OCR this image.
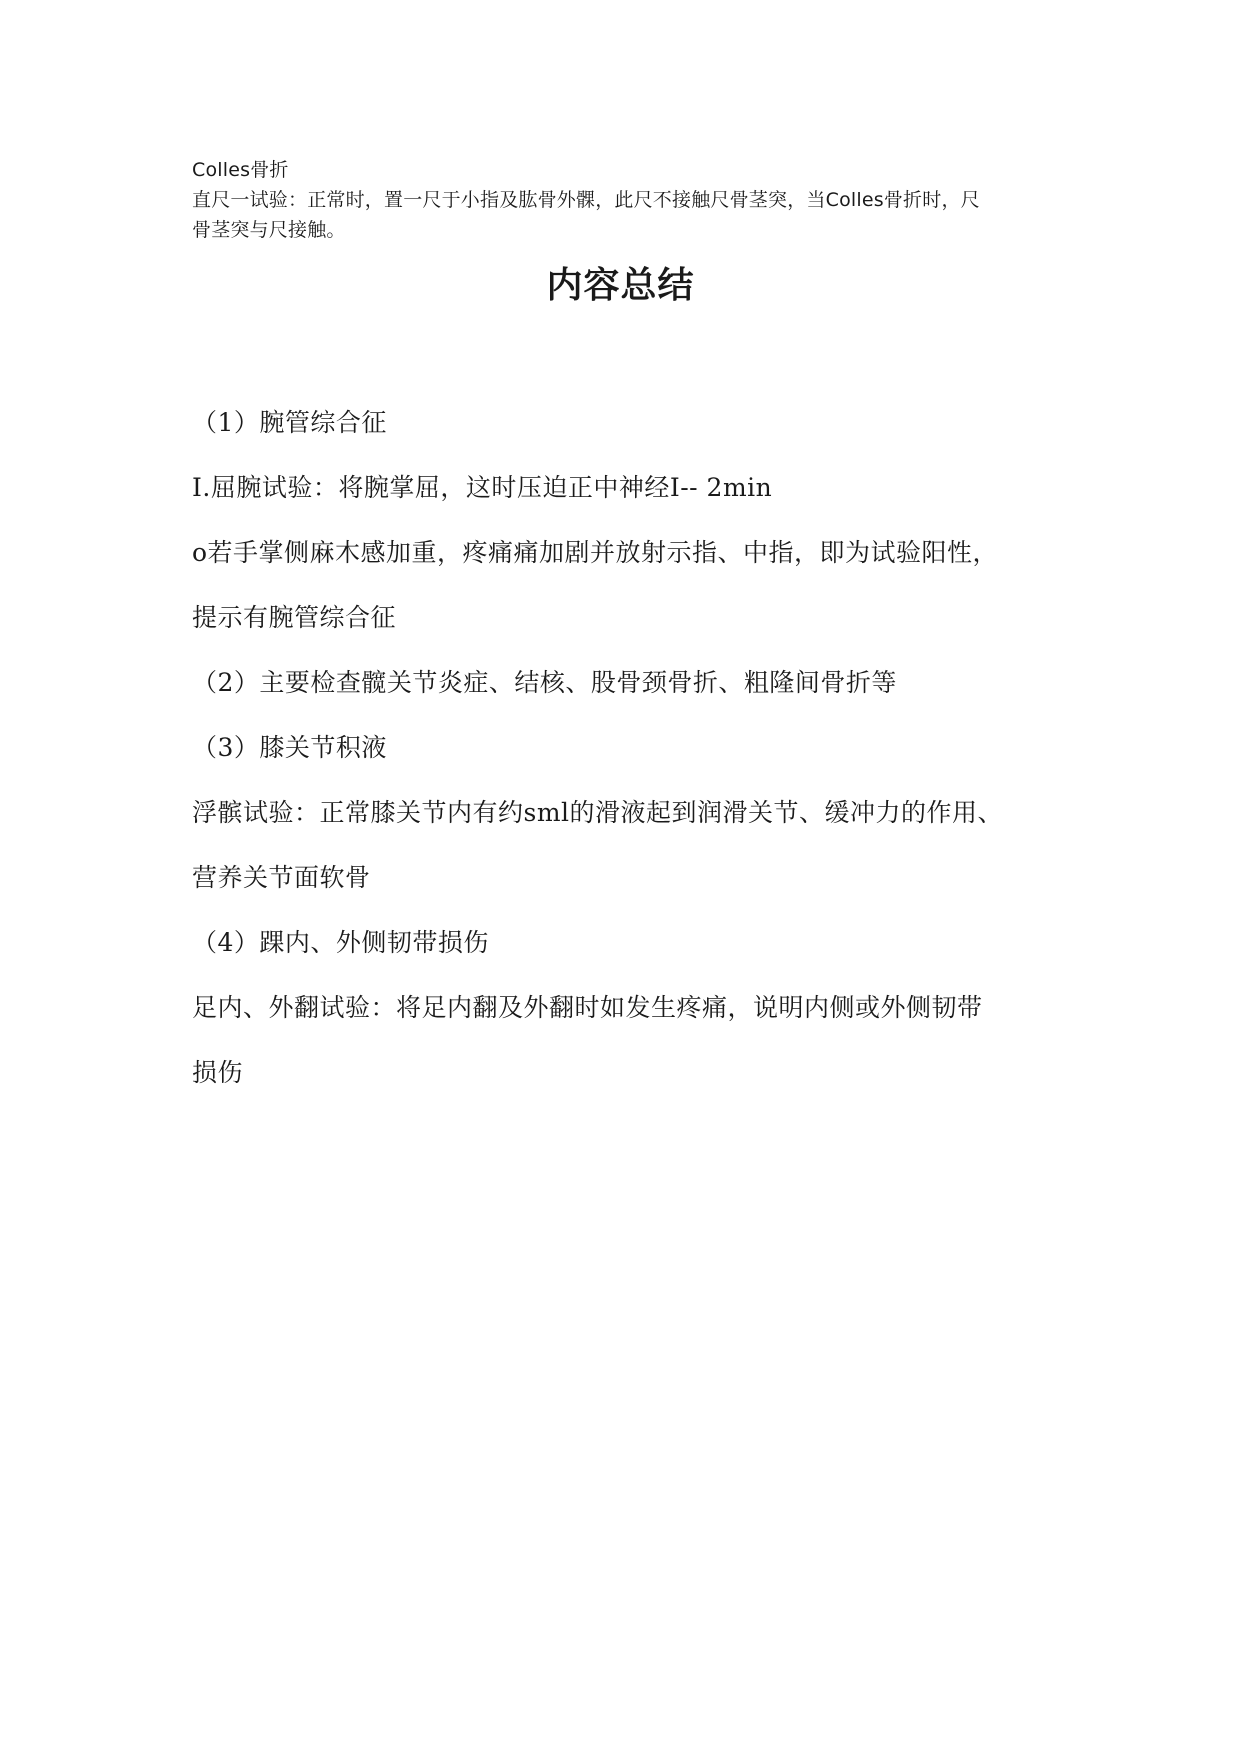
Colles骨折

直尺一试验：正常时，置一尺于小指及肱骨外髁，此尺不接触尺骨茎突，当Colles骨折时，尺

骨茎突与尺接触。

内容总结

（1）腕管综合征

I.屈腕试验：将腕掌屈，这时压迫正中神经I-- 2min

o若手掌侧麻木感加重，疼痛痛加剧并放射示指、中指，即为试验阳性，

提示有腕管综合征

（2）主要检查髋关节炎症、结核、股骨颈骨折、粗隆间骨折等

（3）膝关节积液

浮髌试验：正常膝关节内有约sml的滑液起到润滑关节、缓冲力的作用、

营养关节面软骨

（4）踝内、外侧韧带损伤

足内、外翻试验：将足内翻及外翻时如发生疼痛，说明内侧或外侧韧带

损伤
